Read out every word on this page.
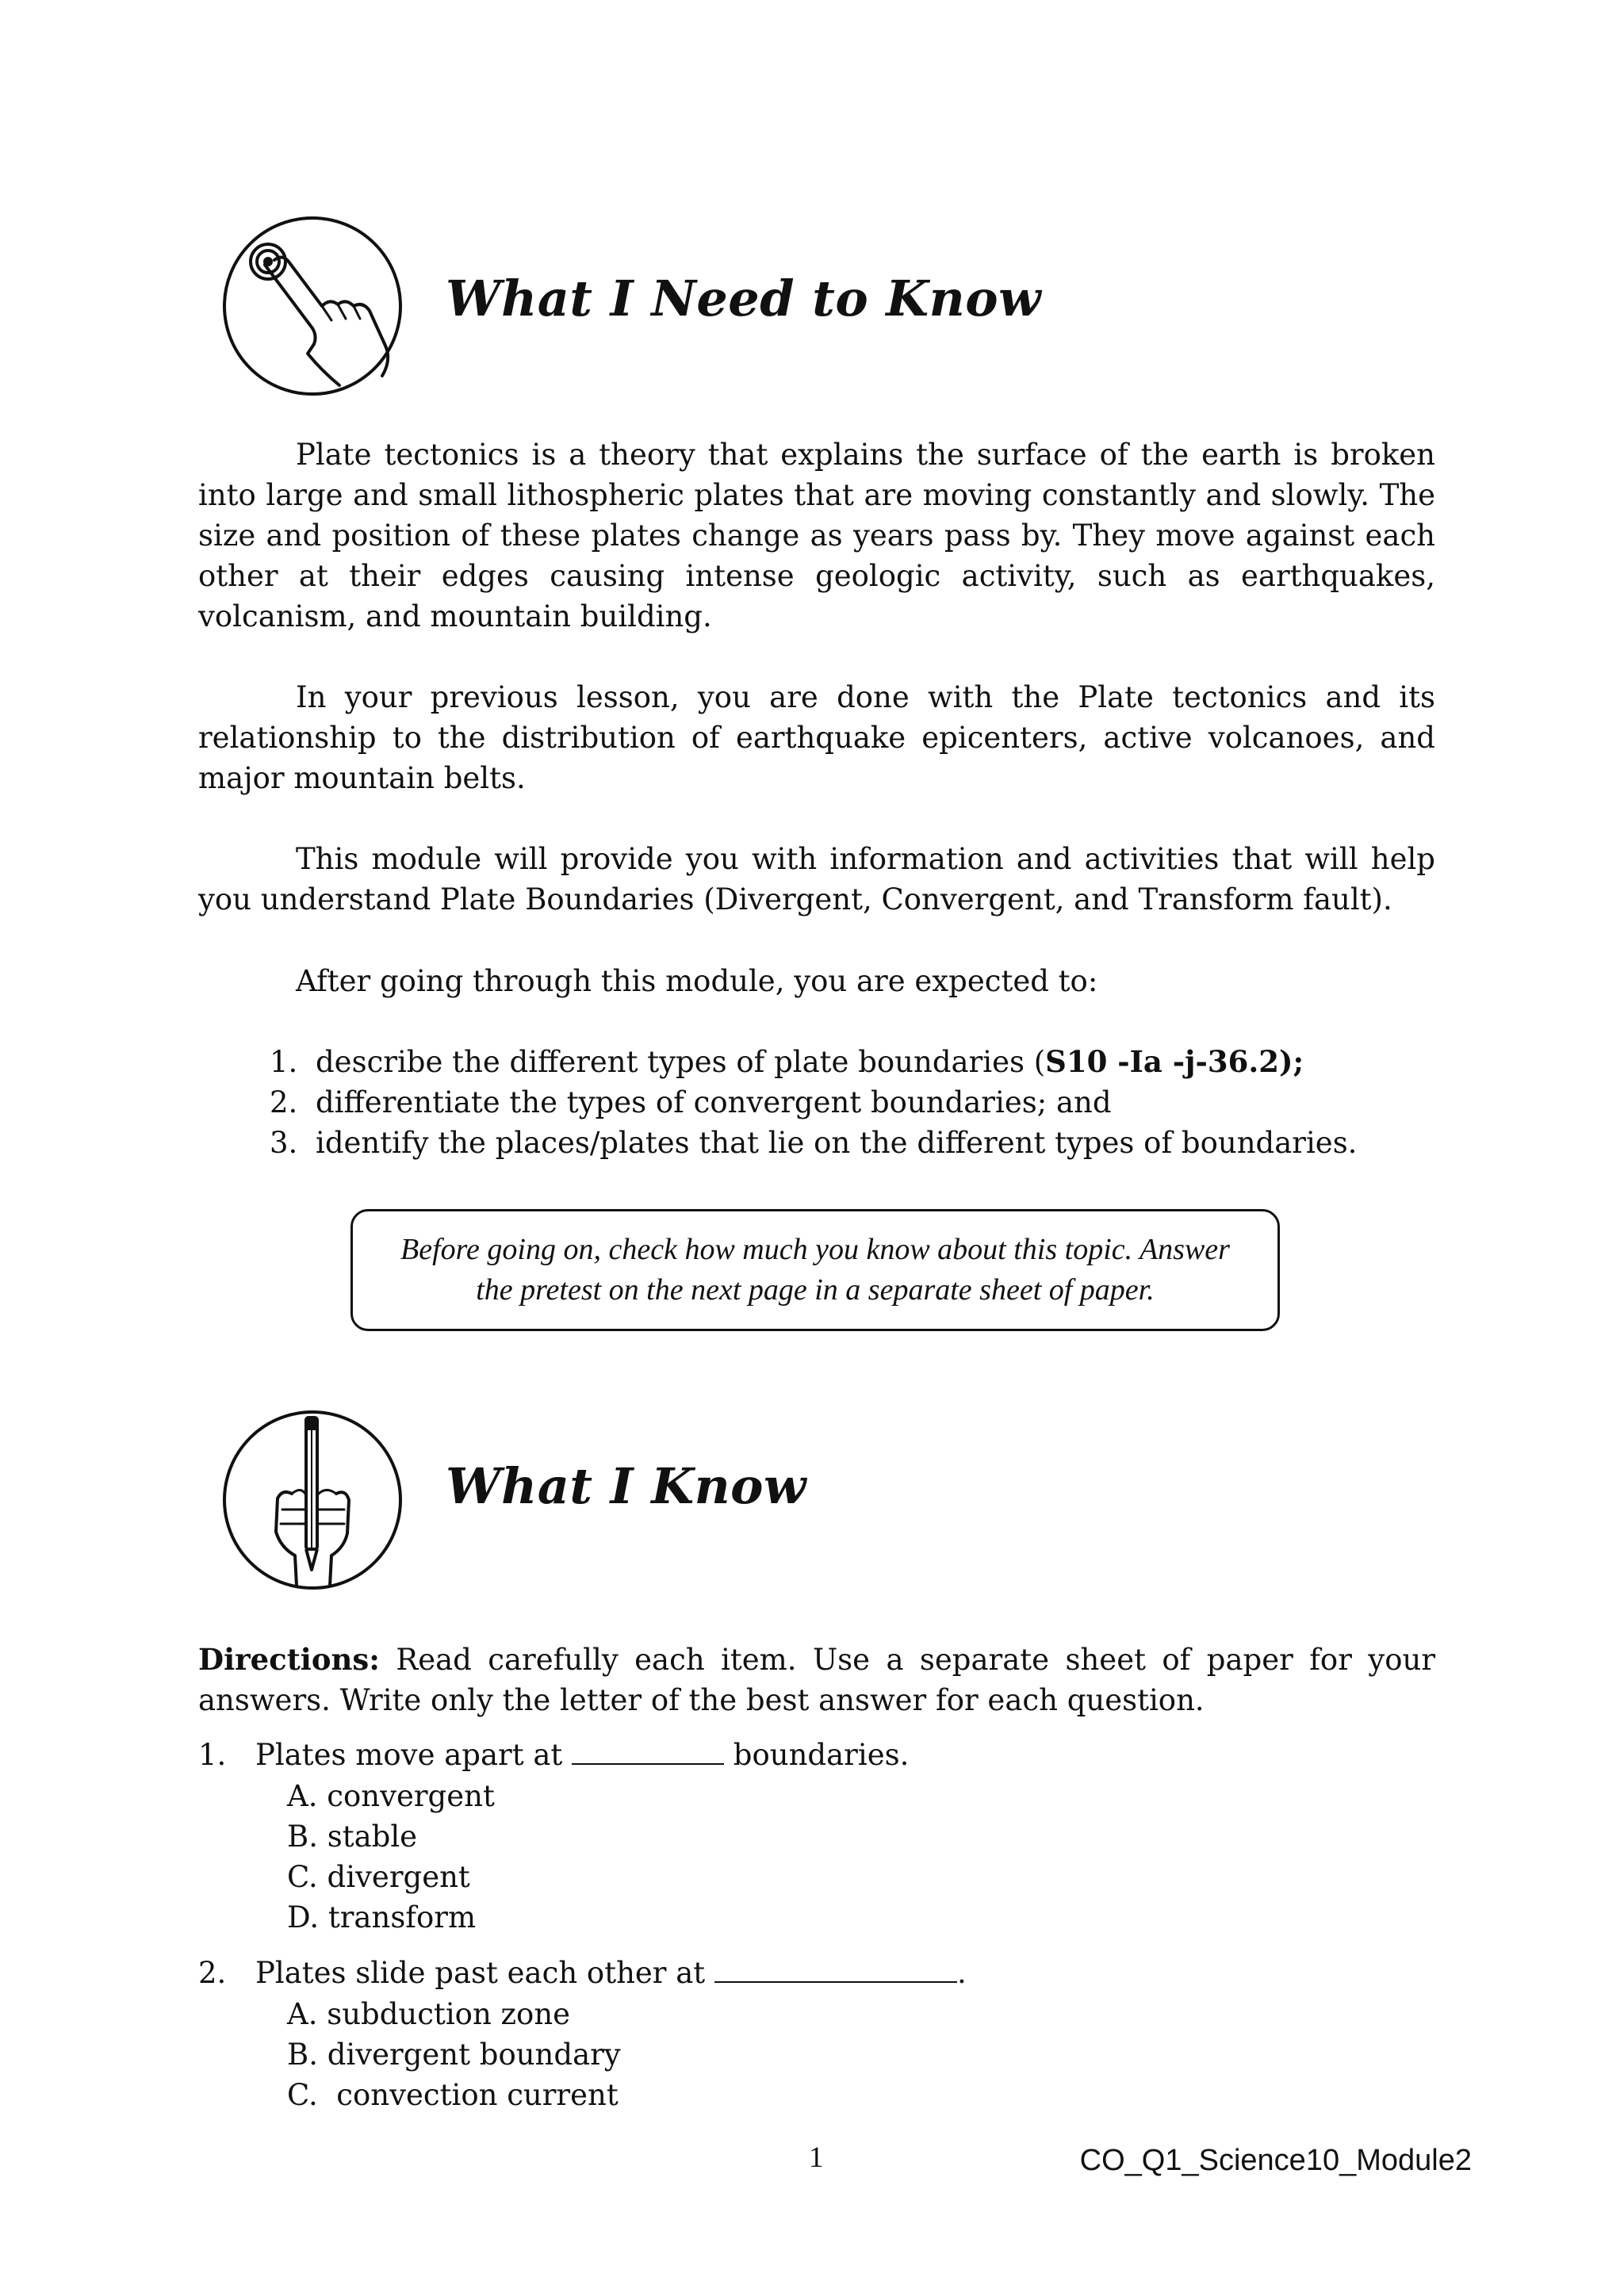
What I Need to Know

Plate tectonics is a theory that explains the surface of the earth is broken into large and small lithospheric plates that are moving constantly and slowly. The size and position of these plates change as years pass by. They move against each other at their edges causing intense geologic activity, such as earthquakes, volcanism, and mountain building.

In your previous lesson, you are done with the Plate tectonics and its relationship to the distribution of earthquake epicenters, active volcanoes, and major mountain belts.

This module will provide you with information and activities that will help you understand Plate Boundaries (Divergent, Convergent, and Transform fault).

After going through this module, you are expected to:

1. describe the different types of plate boundaries (S10 -Ia -j-36.2);
2. differentiate the types of convergent boundaries; and
3. identify the places/plates that lie on the different types of boundaries.

Before going on, check how much you know about this topic. Answer the pretest on the next page in a separate sheet of paper.

What I Know

Directions: Read carefully each item. Use a separate sheet of paper for your answers. Write only the letter of the best answer for each question.

1. Plates move apart at	boundaries.
A. convergent
B. stable
C. divergent
D. transform
2. Plates slide past each other at	.
A. subduction zone
B. divergent boundary
C.  convection current
1	CO_Q1_Science10_Module2
